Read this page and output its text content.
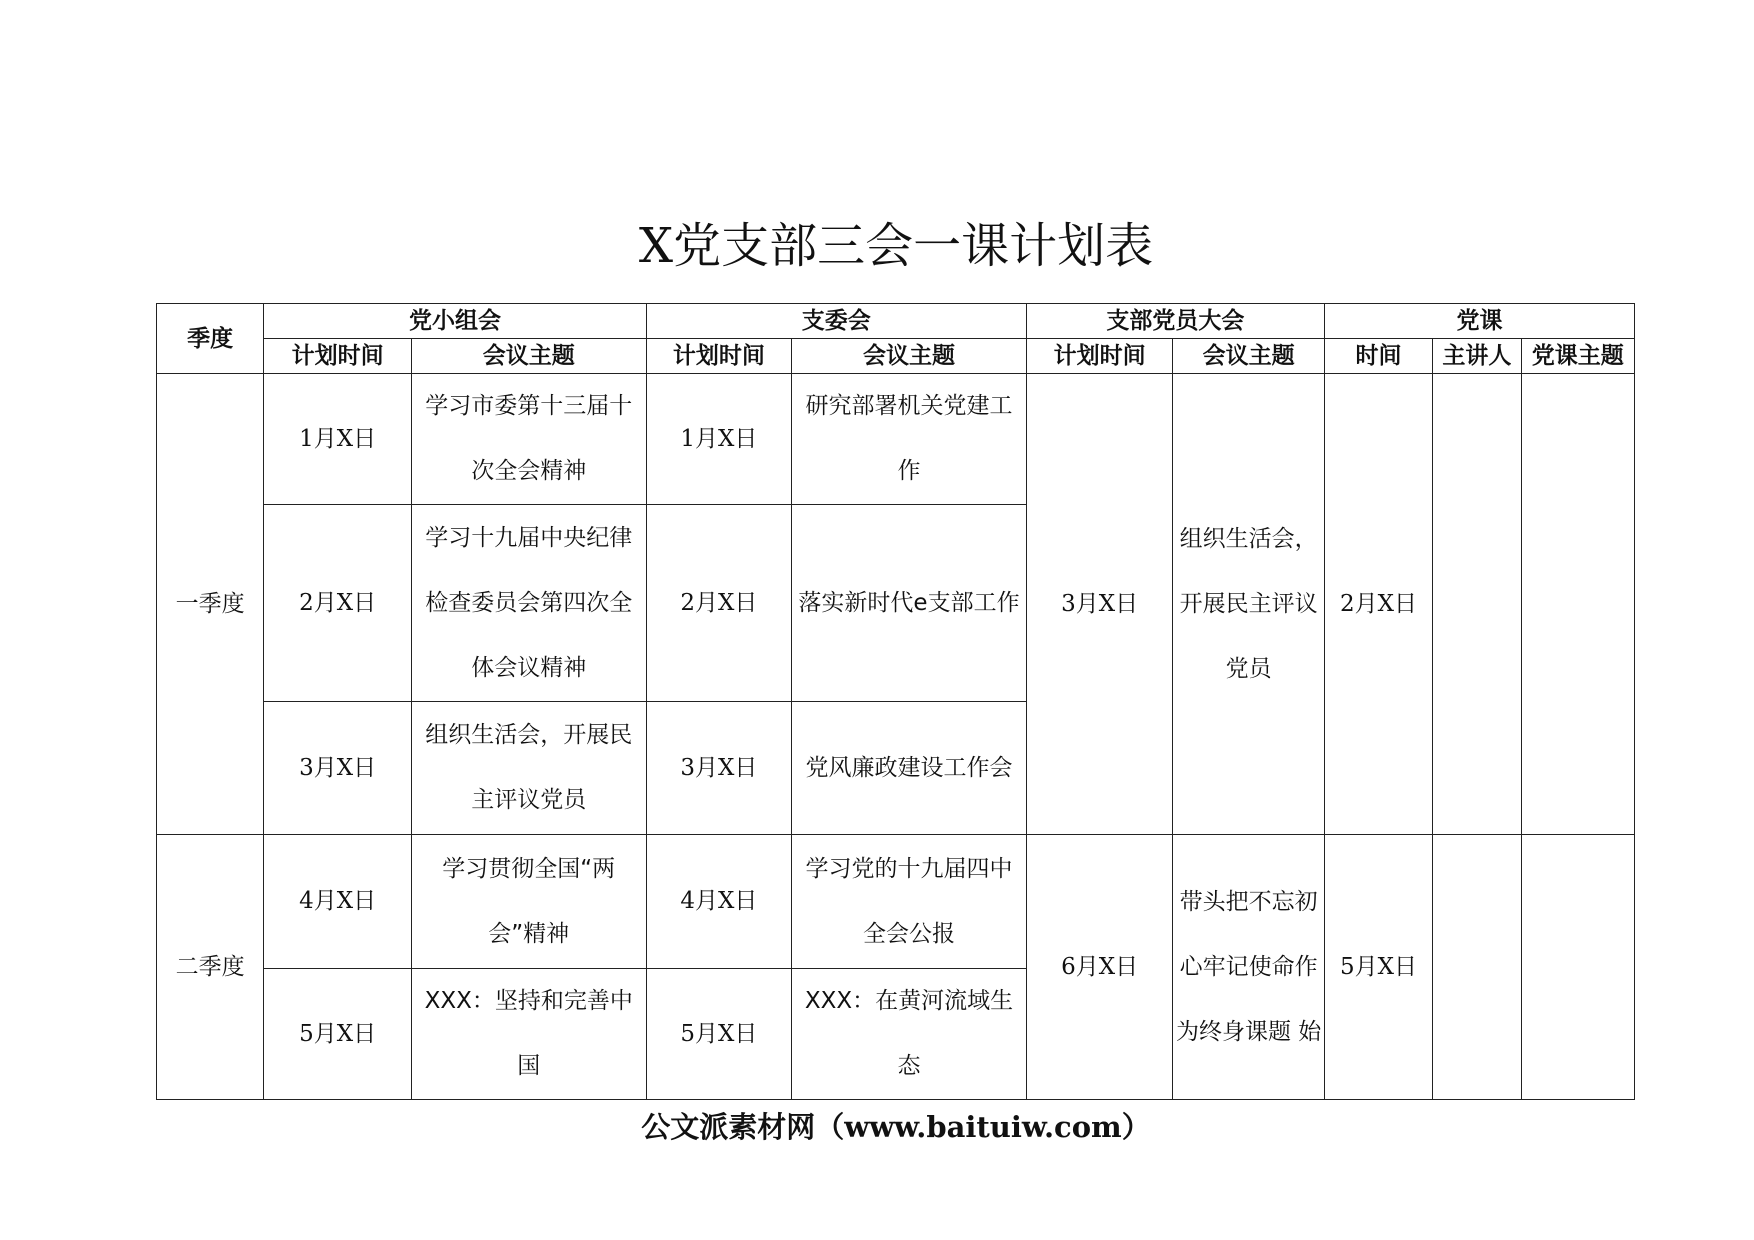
X党支部三会一课计划表
季度	党小组会		支委会		支部党员大会		党课		
	计划时间	会议主题	计划时间	会议主题	计划时间	会议主题	时间	主讲人	党课主题
一季度	1月X日	学习市委第十三届十次全会精神	1月X日	研究部署机关党建工作	3月X日	组织生活会，开展民主评议党员	2月X日		
	2月X日	学习十九届中央纪律检查委员会第四次全体会议精神	2月X日	落实新时代e支部工作					
	3月X日	组织生活会，开展民主评议党员	3月X日	党风廉政建设工作会					
二季度	4月X日	学习贯彻全国“两会”精神	4月X日	学习党的十九届四中全会公报	6月X日	带头把不忘初心牢记使命作为终身课题 始	5月X日		
	5月X日	XXX：坚持和完善中国	5月X日	XXX：在黄河流域生态					
公文派素材网（www.baituiw.com）
